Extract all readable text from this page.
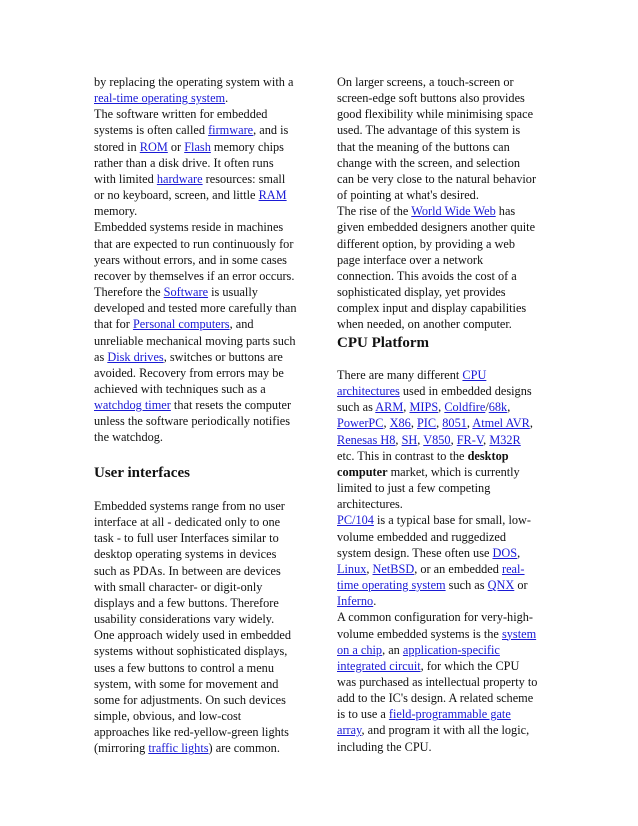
by replacing the operating system with a
real-time operating system.
The software written for embedded
systems is often called firmware, and is
stored in ROM or Flash memory chips
rather than a disk drive. It often runs
with limited hardware resources: small
or no keyboard, screen, and little RAM
memory.
Embedded systems reside in machines
that are expected to run continuously for
years without errors, and in some cases
recover by themselves if an error occurs.
Therefore the Software is usually
developed and tested more carefully than
that for Personal computers, and
unreliable mechanical moving parts such
as Disk drives, switches or buttons are
avoided. Recovery from errors may be
achieved with techniques such as a
watchdog timer that resets the computer
unless the software periodically notifies
the watchdog.
User interfaces
Embedded systems range from no user
interface at all - dedicated only to one
task - to full user Interfaces similar to
desktop operating systems in devices
such as PDAs. In between are devices
with small character- or digit-only
displays and a few buttons. Therefore
usability considerations vary widely.
One approach widely used in embedded
systems without sophisticated displays,
uses a few buttons to control a menu
system, with some for movement and
some for adjustments. On such devices
simple, obvious, and low-cost
approaches like red-yellow-green lights
(mirroring traffic lights) are common.
On larger screens, a touch-screen or
screen-edge soft buttons also provides
good flexibility while minimising space
used. The advantage of this system is
that the meaning of the buttons can
change with the screen, and selection
can be very close to the natural behavior
of pointing at what's desired.
The rise of the World Wide Web has
given embedded designers another quite
different option, by providing a web
page interface over a network
connection. This avoids the cost of a
sophisticated display, yet provides
complex input and display capabilities
when needed, on another computer.
CPU Platform
There are many different CPU
architectures used in embedded designs
such as ARM, MIPS, Coldfire/68k,
PowerPC, X86, PIC, 8051, Atmel AVR,
Renesas H8, SH, V850, FR-V, M32R
etc. This in contrast to the desktop
computer market, which is currently
limited to just a few competing
architectures.
PC/104 is a typical base for small, low-
volume embedded and ruggedized
system design. These often use DOS,
Linux, NetBSD, or an embedded real-
time operating system such as QNX or
Inferno.
A common configuration for very-high-
volume embedded systems is the system
on a chip, an application-specific
integrated circuit, for which the CPU
was purchased as intellectual property to
add to the IC's design. A related scheme
is to use a field-programmable gate
array, and program it with all the logic,
including the CPU.
